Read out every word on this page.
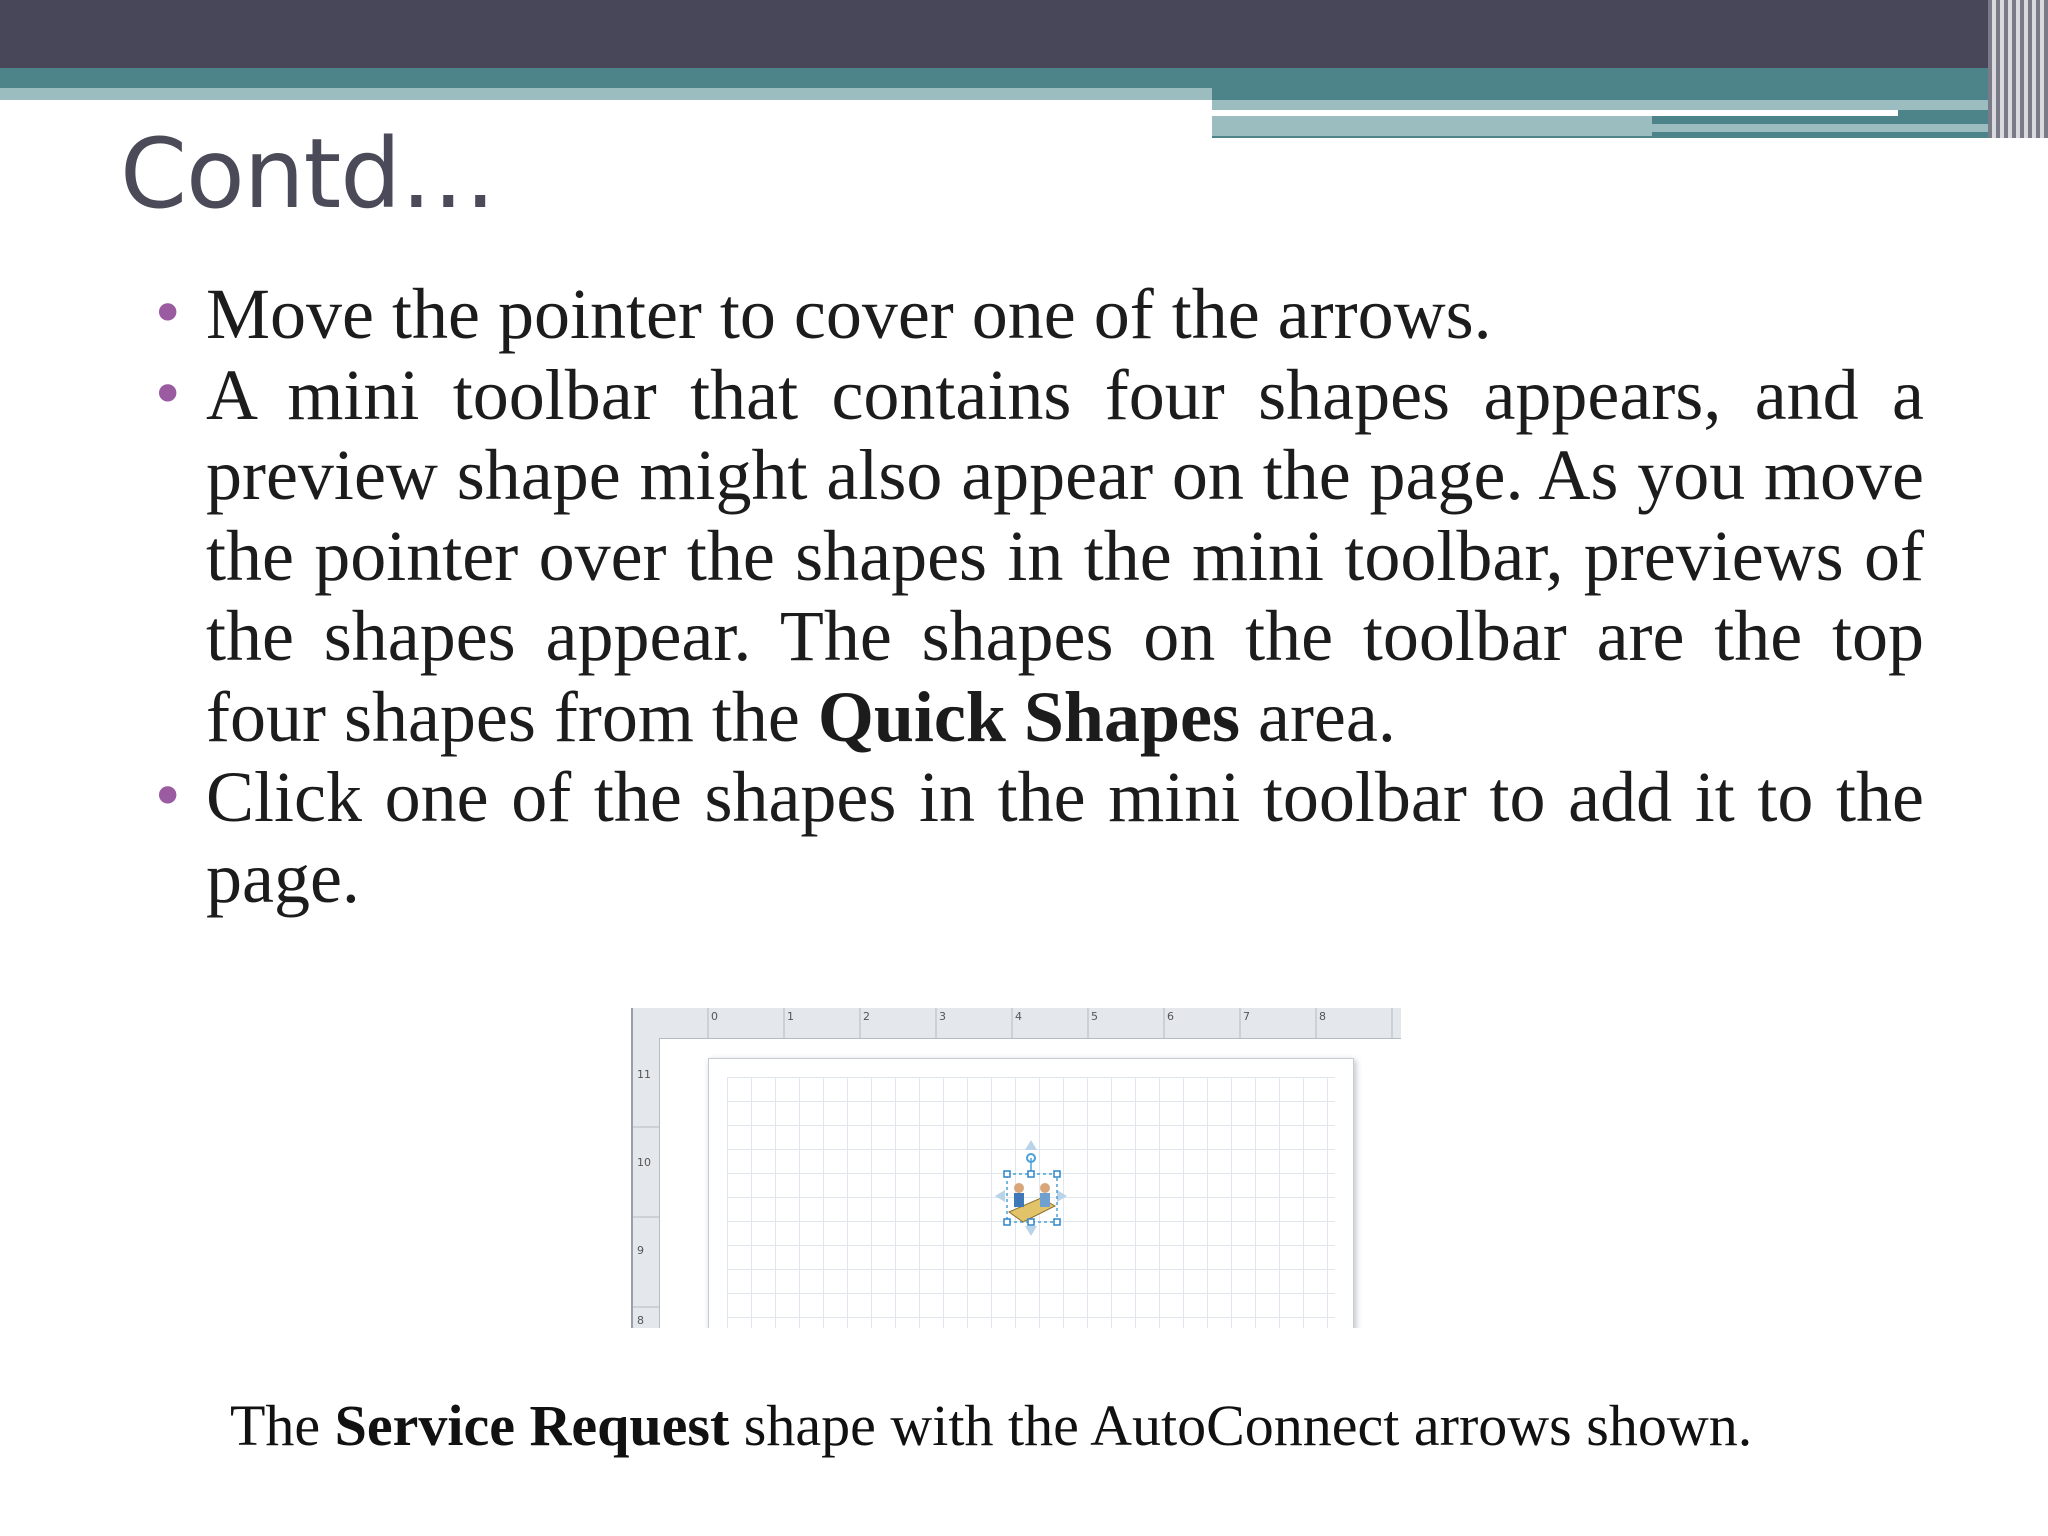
Contd…
• Move the pointer to cover one of the arrows.
• A mini toolbar that contains four shapes appears, and a preview shape might also appear on the page. As you move the pointer over the shapes in the mini toolbar, previews of the shapes appear. The shapes on the toolbar are the top four shapes from the Quick Shapes area.
• Click one of the shapes in the mini toolbar to add it to the page.
0	1	2	3	4	5	6	7	8
11
10
9
8

The Service Request shape with the AutoConnect arrows shown.
